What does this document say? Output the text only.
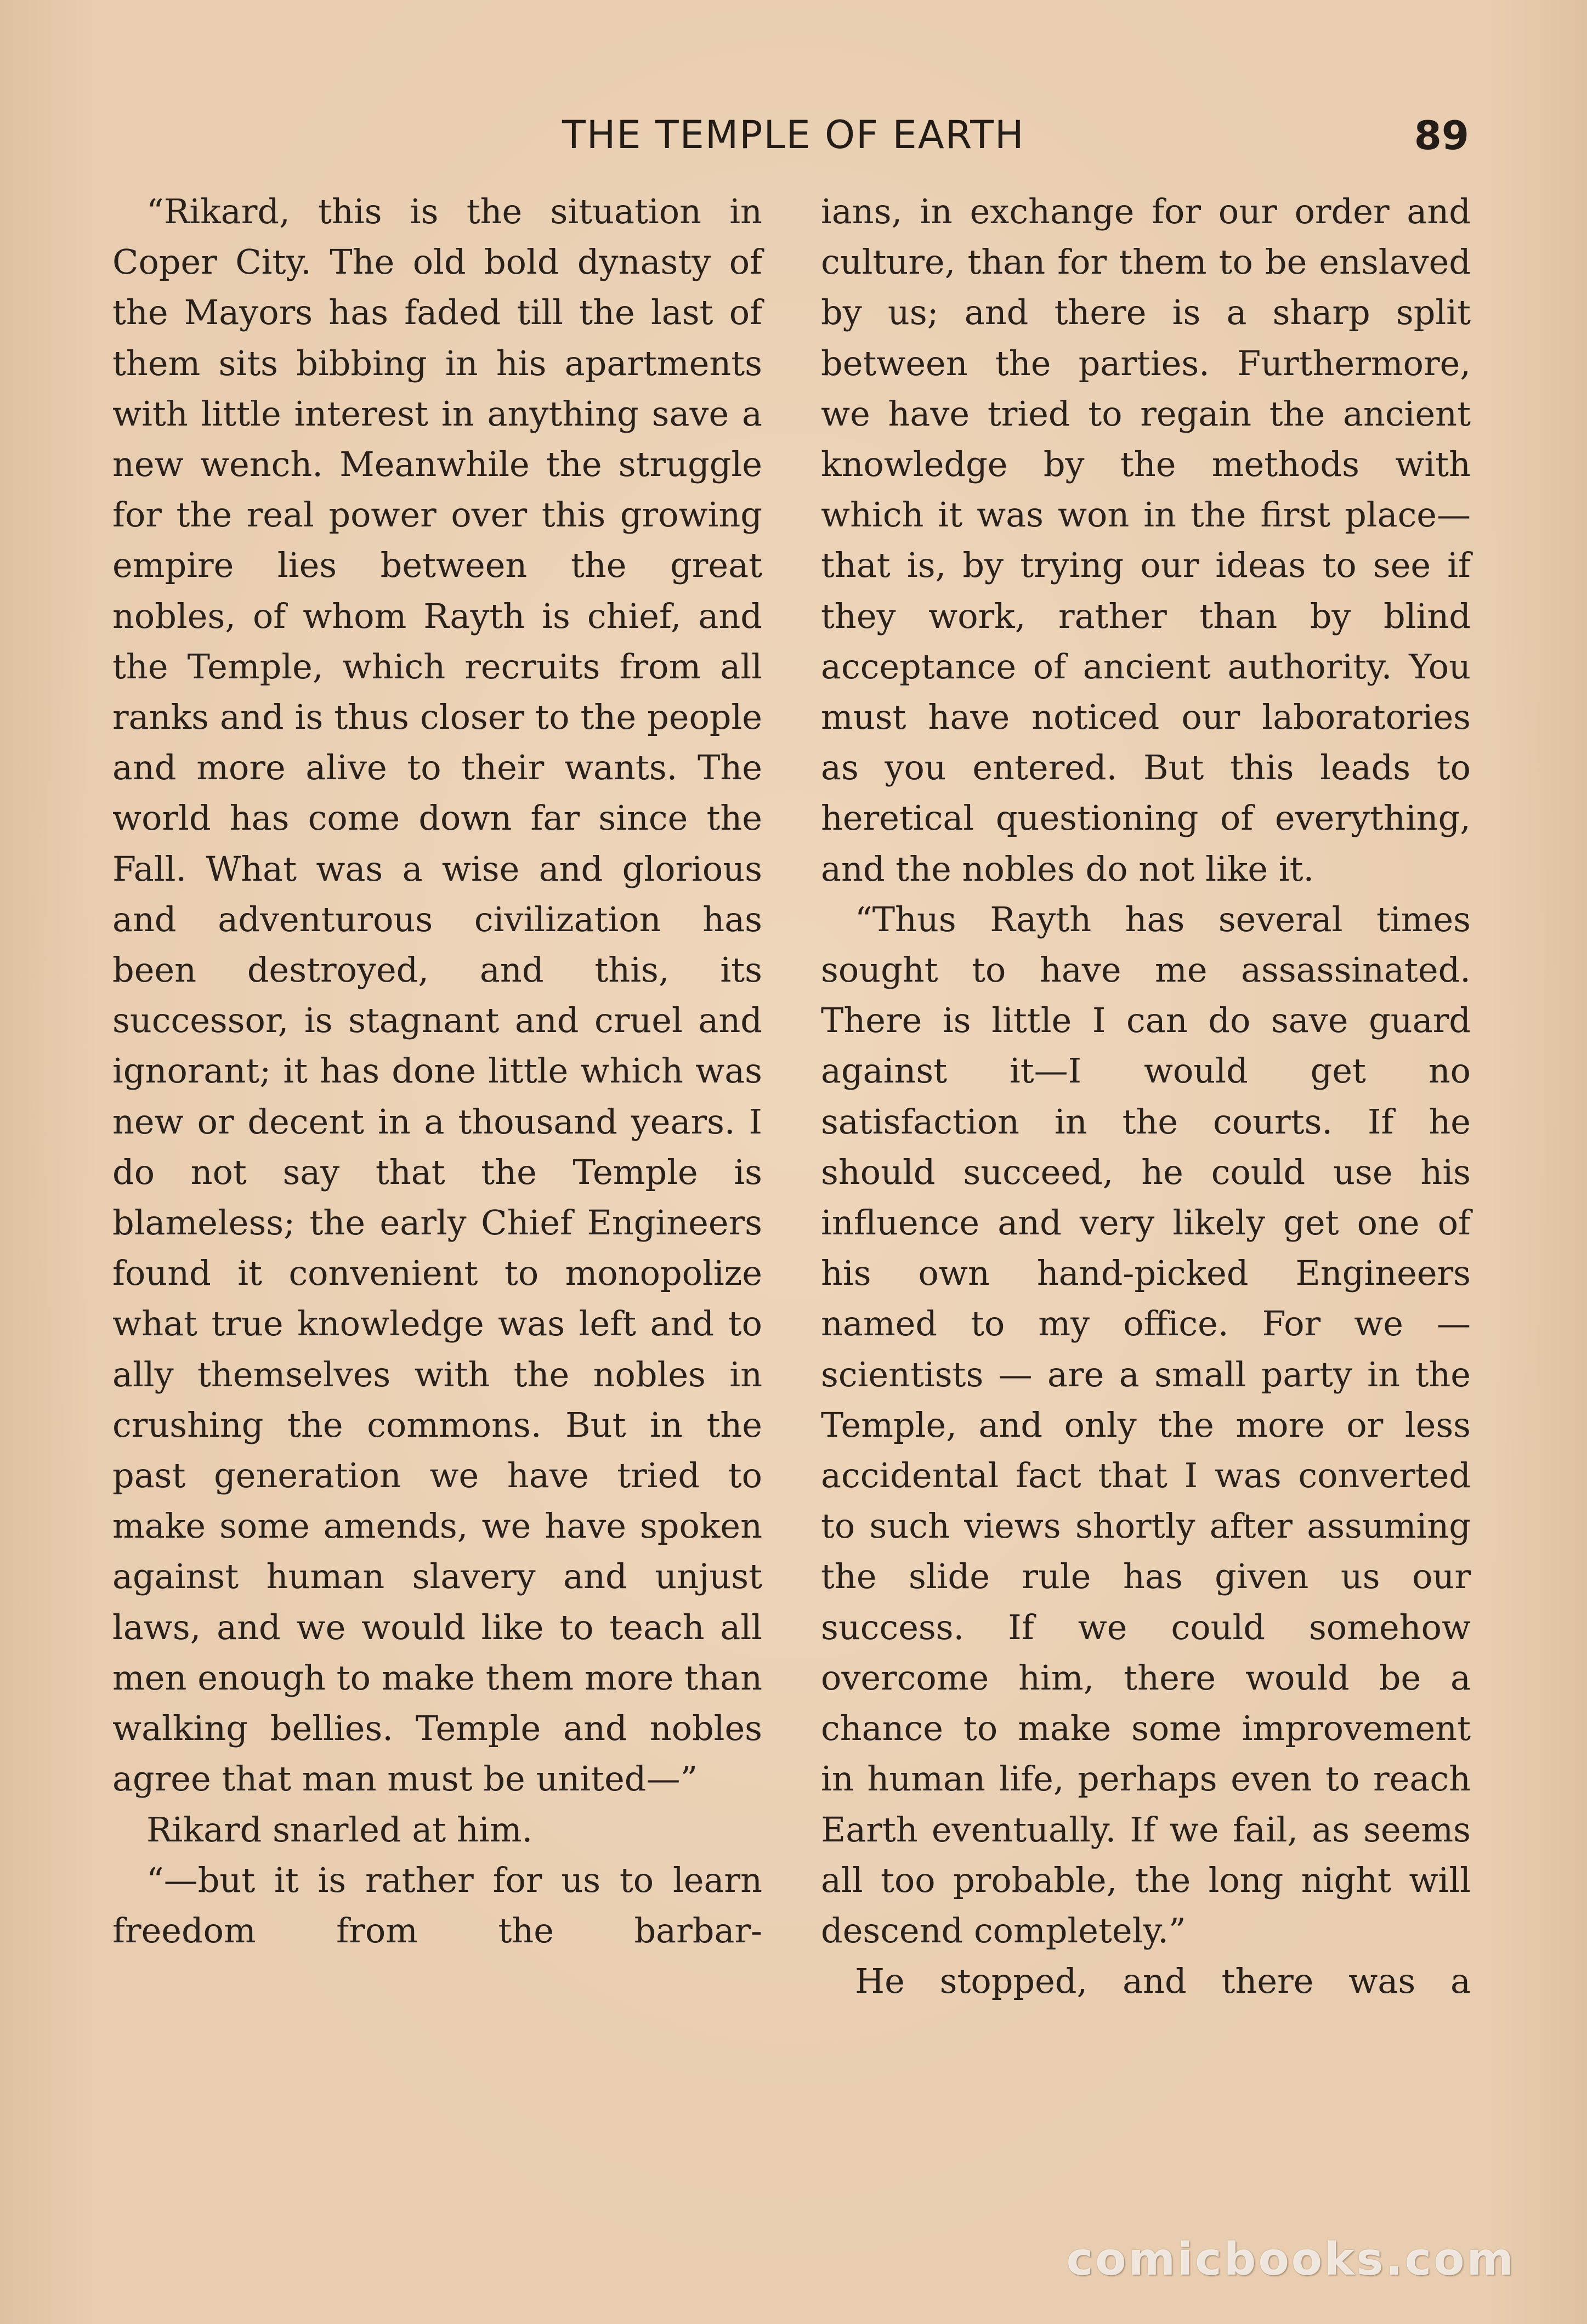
THE TEMPLE OF EARTH	89

“Rikard, this is the situation in Coper City. The old bold dynasty of the Mayors has faded till the last of them sits bibbing in his apartments with little interest in anything save a new wench. Meanwhile the struggle for the real power over this growing empire lies between the great nobles, of whom Rayth is chief, and the Temple, which recruits from all ranks and is thus closer to the people and more alive to their wants. The world has come down far since the Fall. What was a wise and glorious and adventurous civilization has been destroyed, and this, its successor, is stagnant and cruel and ignorant; it has done little which was new or decent in a thousand years. I do not say that the Temple is blameless; the early Chief Engineers found it convenient to monopolize what true knowledge was left and to ally themselves with the nobles in crushing the commons. But in the past generation we have tried to make some amends, we have spoken against human slavery and unjust laws, and we would like to teach all men enough to make them more than walking bellies. Temple and nobles agree that man must be united—”

Rikard snarled at him.

“—but it is rather for us to learn freedom from the barbar-

ians, in exchange for our order and culture, than for them to be enslaved by us; and there is a sharp split between the parties. Furthermore, we have tried to regain the ancient knowledge by the methods with which it was won in the first place—that is, by trying our ideas to see if they work, rather than by blind acceptance of ancient authority. You must have noticed our laboratories as you entered. But this leads to heretical questioning of everything, and the nobles do not like it.

“Thus Rayth has several times sought to have me assassinated. There is little I can do save guard against it—I would get no satisfaction in the courts. If he should succeed, he could use his influence and very likely get one of his own hand-picked Engineers named to my office. For we — scientists — are a small party in the Temple, and only the more or less accidental fact that I was converted to such views shortly after assuming the slide rule has given us our success. If we could somehow overcome him, there would be a chance to make some improvement in human life, perhaps even to reach Earth eventually. If we fail, as seems all too probable, the long night will descend completely.”

He stopped, and there was a

comicbooks.com
